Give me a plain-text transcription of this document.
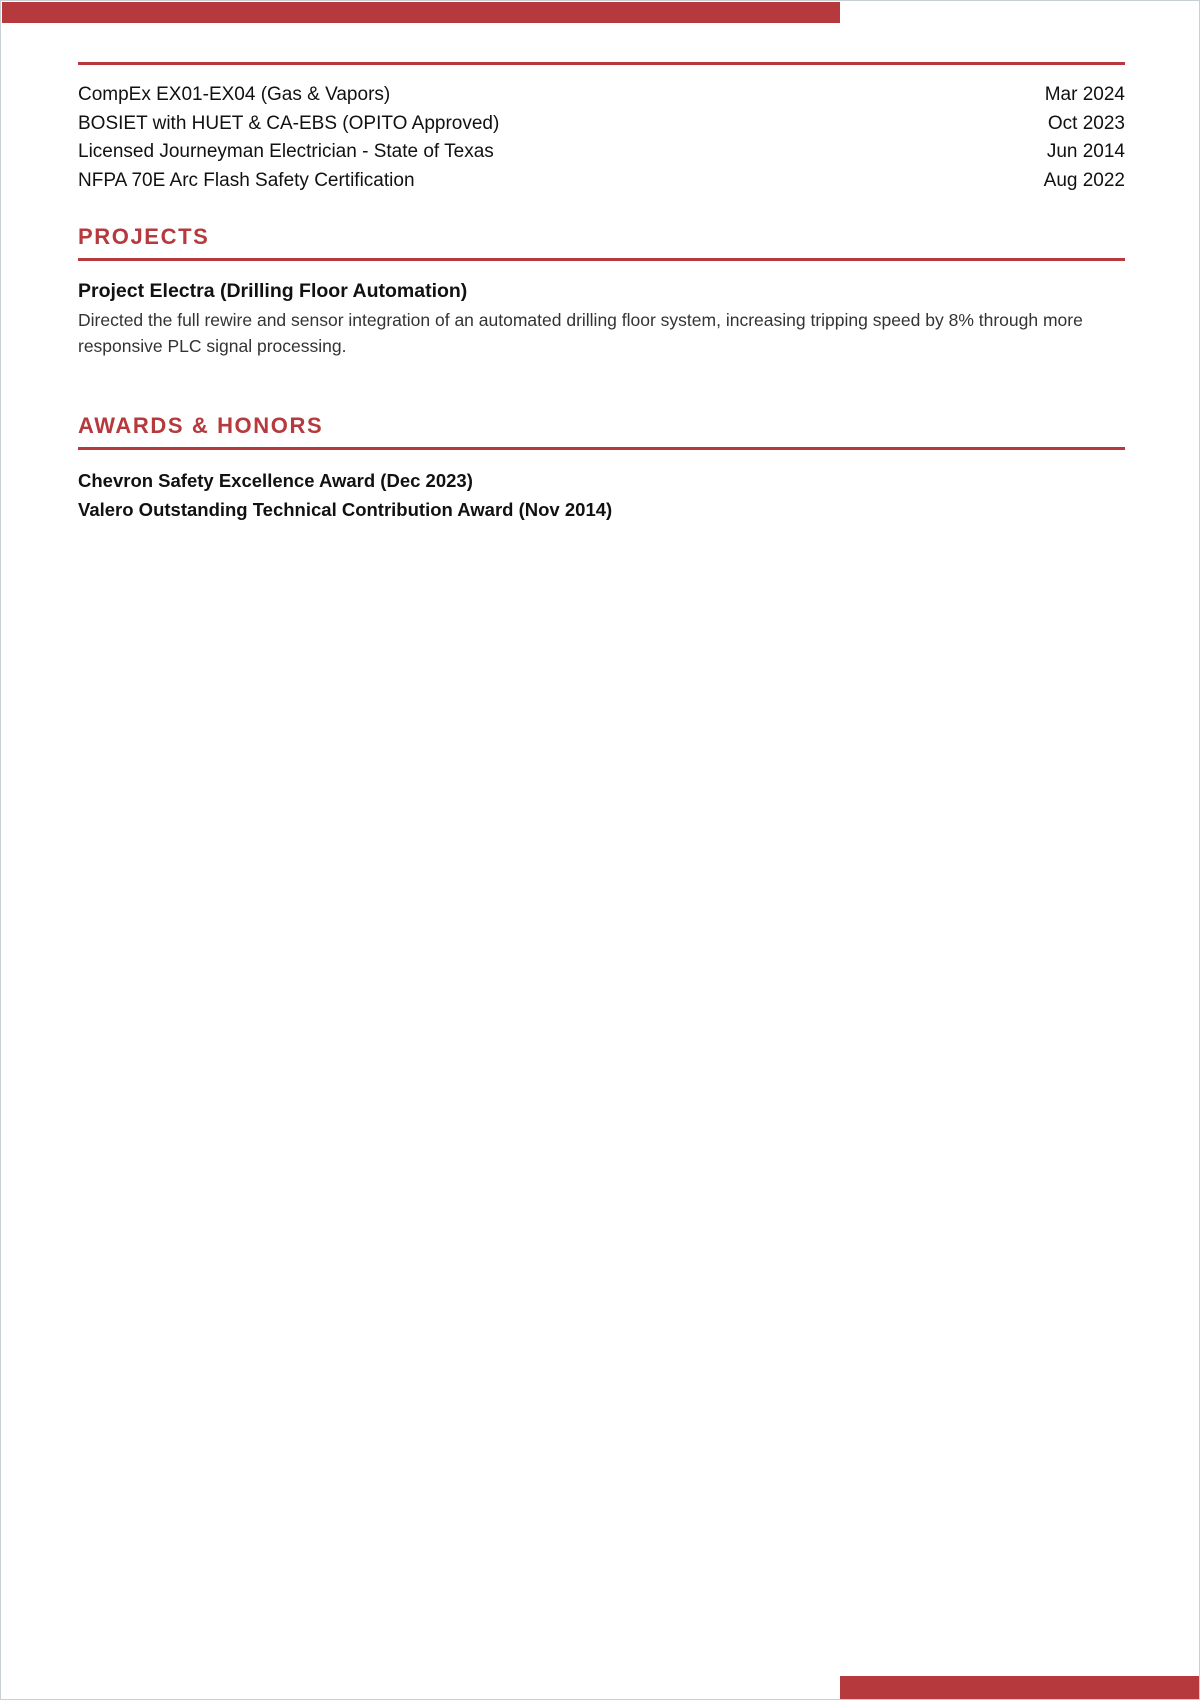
CompEx EX01-EX04 (Gas & Vapors)	Mar 2024
BOSIET with HUET & CA-EBS (OPITO Approved)	Oct 2023
Licensed Journeyman Electrician - State of Texas	Jun 2014
NFPA 70E Arc Flash Safety Certification	Aug 2022
PROJECTS
Project Electra (Drilling Floor Automation)
Directed the full rewire and sensor integration of an automated drilling floor system, increasing tripping speed by 8% through more responsive PLC signal processing.
AWARDS & HONORS
Chevron Safety Excellence Award (Dec 2023)
Valero Outstanding Technical Contribution Award (Nov 2014)
